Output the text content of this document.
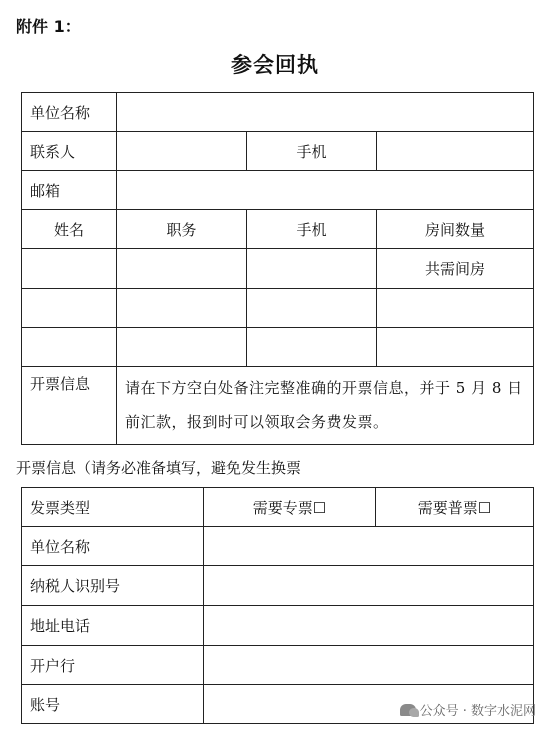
附件 1：
参会回执
单位名称			
联系人		手机	
邮箱			
姓名	职务	手机	房间数量
			共需间房

开票信息	请在下方空白处备注完整准确的开票信息，并于 5 月 8 日前汇款，报到时可以领取会务费发票。		
开票信息（请务必准备填写，避免发生换票
发票类型	需要专票☐	需要普票☐
单位名称		
纳税人识别号		
地址电话		
开户行		
账号			公众号 · 数字水泥网
